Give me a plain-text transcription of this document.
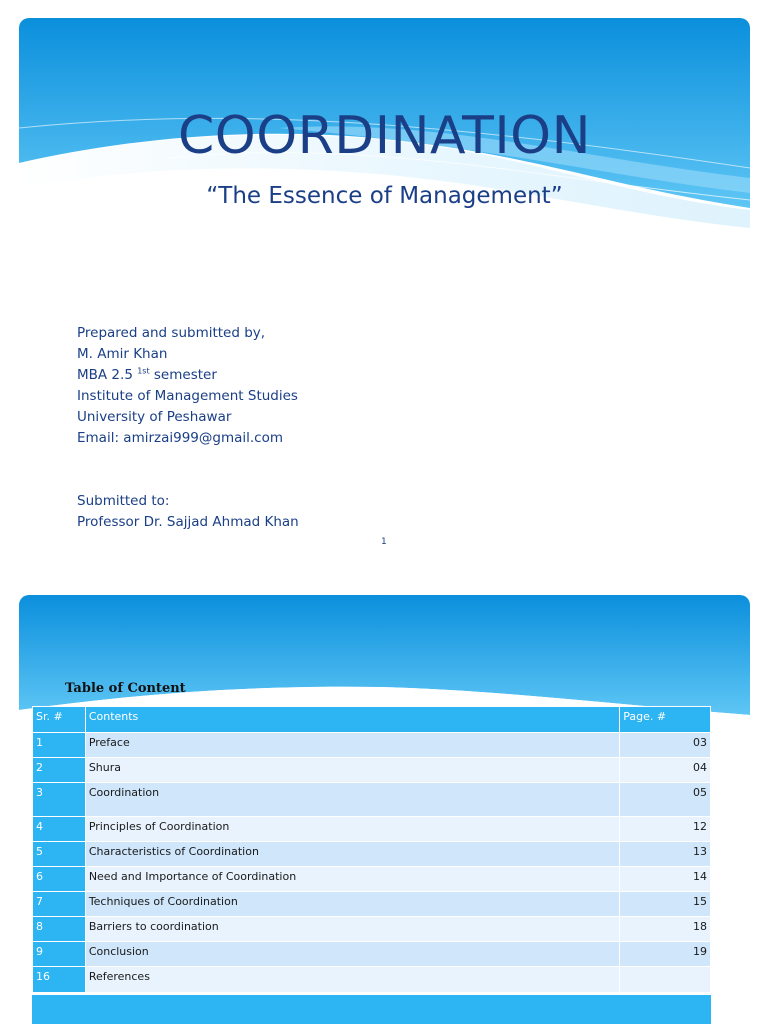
COORDINATION

“The Essence of Management”

Prepared and submitted by,
M. Amir Khan
MBA 2.5 $^{1st}$ semester
Institute of Management Studies
University of Peshawar
Email: amirzai999@gmail.com
Submitted to:
Professor Dr. Sajjad Ahmad Khan
1
Table of Content
Sr. #	Contents	Page. #
1	Preface	03
2	Shura	04
3	Coordination	05
4	Principles of Coordination	12
5	Characteristics of Coordination	13
6	Need and Importance of Coordination	14
7	Techniques of Coordination	15
8	Barriers to coordination	18
9	Conclusion	19
16	References	
